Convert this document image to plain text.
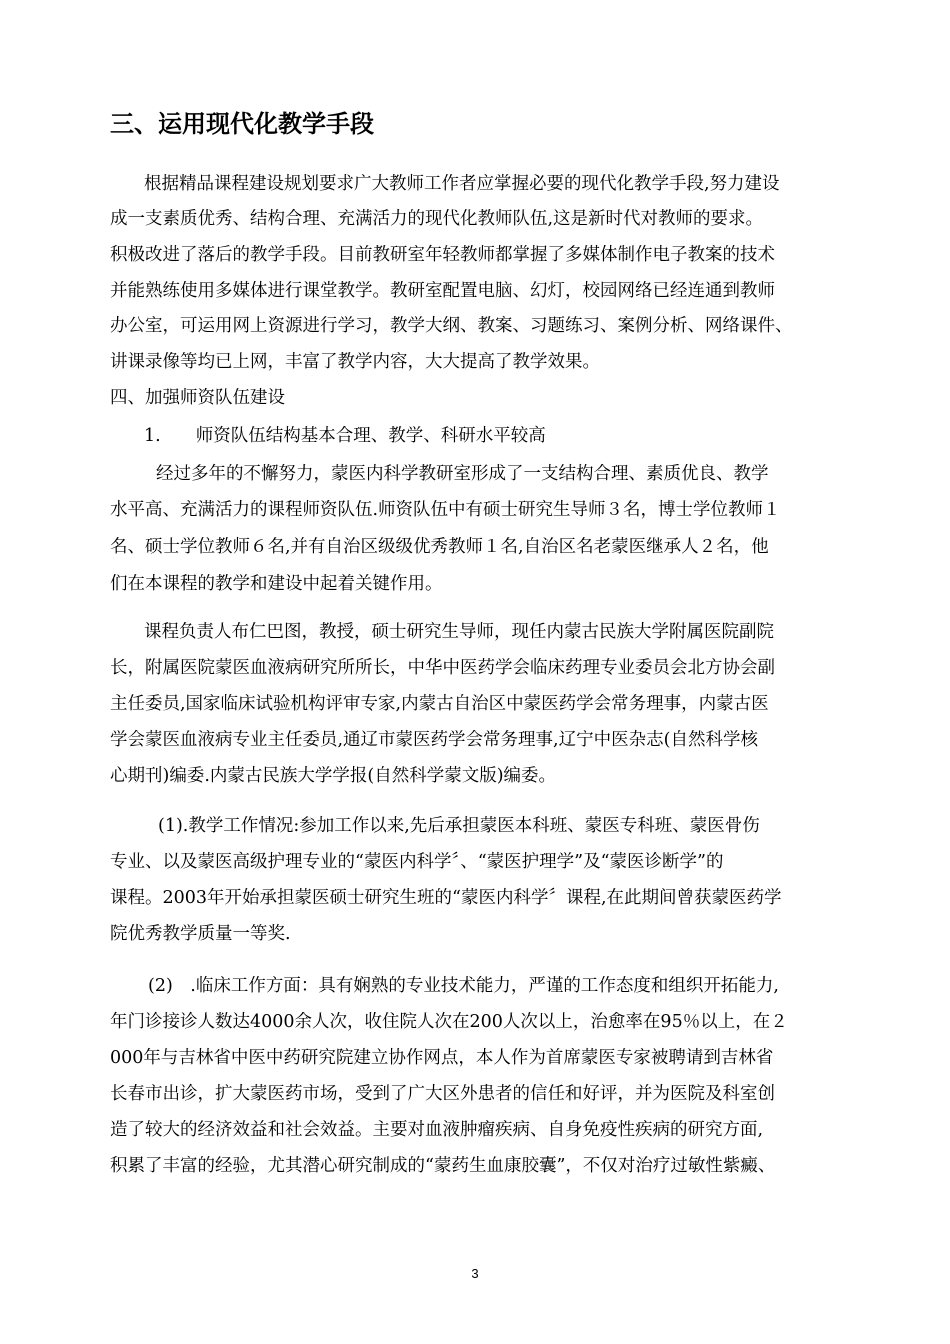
三、运用现代化教学手段
根据精品课程建设规划要求广大教师工作者应掌握必要的现代化教学手段,努力建设
成一支素质优秀、结构合理、充满活力的现代化教师队伍,这是新时代对教师的要求。
积极改进了落后的教学手段。目前教研室年轻教师都掌握了多媒体制作电子教案的技术
并能熟练使用多媒体进行课堂教学。教研室配置电脑、幻灯，校园网络已经连通到教师
办公室，可运用网上资源进行学习，教学大纲、教案、习题练习、案例分析、网络课件、
讲课录像等均已上网，丰富了教学内容，大大提高了教学效果。
四、加强师资队伍建设
1.　　师资队伍结构基本合理、教学、科研水平较高
经过多年的不懈努力，蒙医内科学教研室形成了一支结构合理、素质优良、教学
水平高、充满活力的课程师资队伍.师资队伍中有硕士研究生导师３名，博士学位教师１
名、硕士学位教师６名,并有自治区级级优秀教师１名,自治区名老蒙医继承人２名，他
们在本课程的教学和建设中起着关键作用。
课程负责人布仁巴图，教授，硕士研究生导师，现任内蒙古民族大学附属医院副院
长，附属医院蒙医血液病研究所所长，中华中医药学会临床药理专业委员会北方协会副
主任委员,国家临床试验机构评审专家,内蒙古自治区中蒙医药学会常务理事，内蒙古医
学会蒙医血液病专业主任委员,通辽市蒙医药学会常务理事,辽宁中医杂志(自然科学核
心期刊)编委.内蒙古民族大学学报(自然科学蒙文版)编委。
(1).教学工作情况:参加工作以来,先后承担蒙医本科班、蒙医专科班、蒙医骨伤
专业、以及蒙医高级护理专业的“蒙医内科学〞、“蒙医护理学”及“蒙医诊断学”的
课程。2003年开始承担蒙医硕士研究生班的“蒙医内科学〞课程,在此期间曾获蒙医药学
院优秀教学质量一等奖.
(2)　.临床工作方面：具有娴熟的专业技术能力，严谨的工作态度和组织开拓能力,
年门诊接诊人数达4000余人次，收住院人次在200人次以上，治愈率在95％以上，在２
000年与吉林省中医中药研究院建立协作网点，本人作为首席蒙医专家被聘请到吉林省
长春市出诊，扩大蒙医药市场，受到了广大区外患者的信任和好评，并为医院及科室创
造了较大的经济效益和社会效益。主要对血液肿瘤疾病、自身免疫性疾病的研究方面,
积累了丰富的经验，尤其潜心研究制成的“蒙药生血康胶囊”，不仅对治疗过敏性紫癜、
3
